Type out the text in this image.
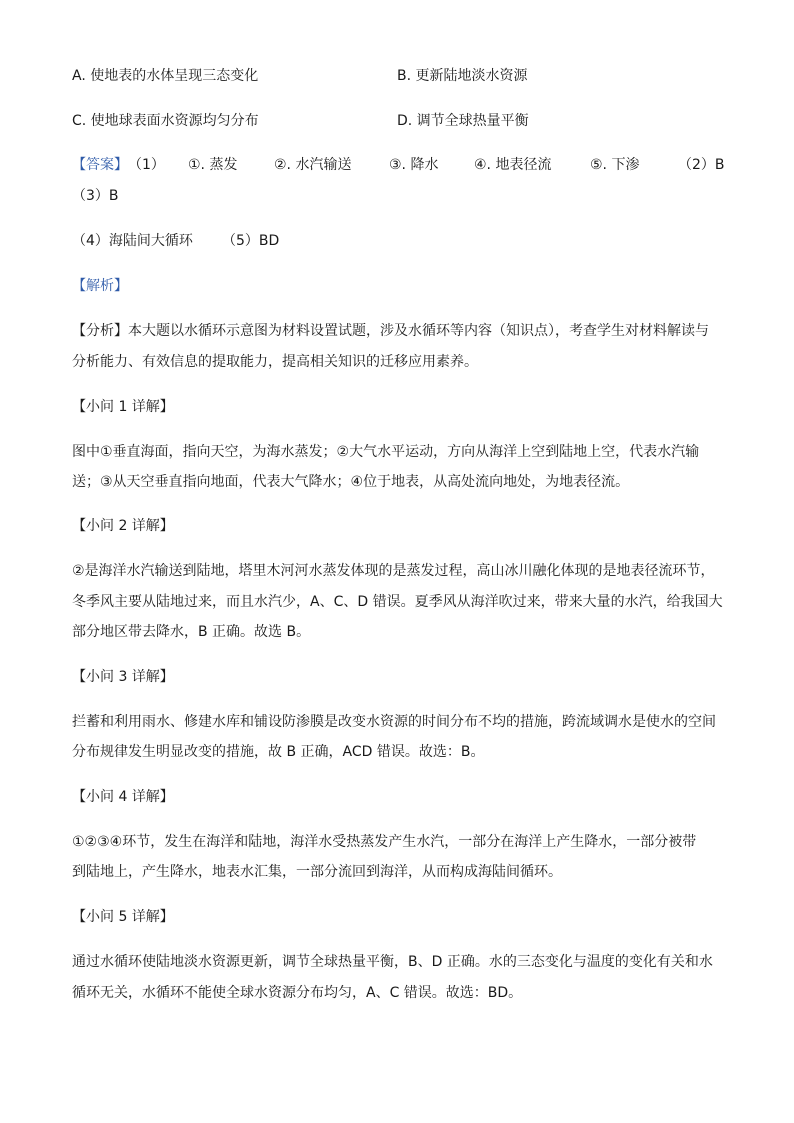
A. 使地表的水体呈现三态变化	B. 更新陆地淡水资源
C. 使地球表面水资源均匀分布	D. 调节全球热量平衡
【答案】（1） ①. 蒸发	②. 水汽输送	③. 降水	④. 地表径流	⑤. 下渗	（2）B
（3）B
（4）海陆间大循环 （5）BD
【解析】
【分析】本大题以水循环示意图为材料设置试题，涉及水循环等内容（知识点），考查学生对材料解读与
分析能力、有效信息的提取能力，提高相关知识的迁移应用素养。
【小问 1 详解】
图中①垂直海面，指向天空，为海水蒸发；②大气水平运动，方向从海洋上空到陆地上空，代表水汽输
送；③从天空垂直指向地面，代表大气降水；④位于地表，从高处流向地处，为地表径流。
【小问 2 详解】
②是海洋水汽输送到陆地，塔里木河河水蒸发体现的是蒸发过程，高山冰川融化体现的是地表径流环节，
冬季风主要从陆地过来，而且水汽少，A、C、D 错误。夏季风从海洋吹过来，带来大量的水汽，给我国大
部分地区带去降水，B 正确。故选 B。
【小问 3 详解】
拦蓄和利用雨水、修建水库和铺设防渗膜是改变水资源的时间分布不均的措施，跨流域调水是使水的空间
分布规律发生明显改变的措施，故 B 正确，ACD 错误。故选：B。
【小问 4 详解】
①②③④环节，发生在海洋和陆地，海洋水受热蒸发产生水汽，一部分在海洋上产生降水，一部分被带
到陆地上，产生降水，地表水汇集，一部分流回到海洋，从而构成海陆间循环。
【小问 5 详解】
通过水循环使陆地淡水资源更新，调节全球热量平衡，B、D 正确。水的三态变化与温度的变化有关和水
循环无关，水循环不能使全球水资源分布均匀，A、C 错误。故选：BD。
